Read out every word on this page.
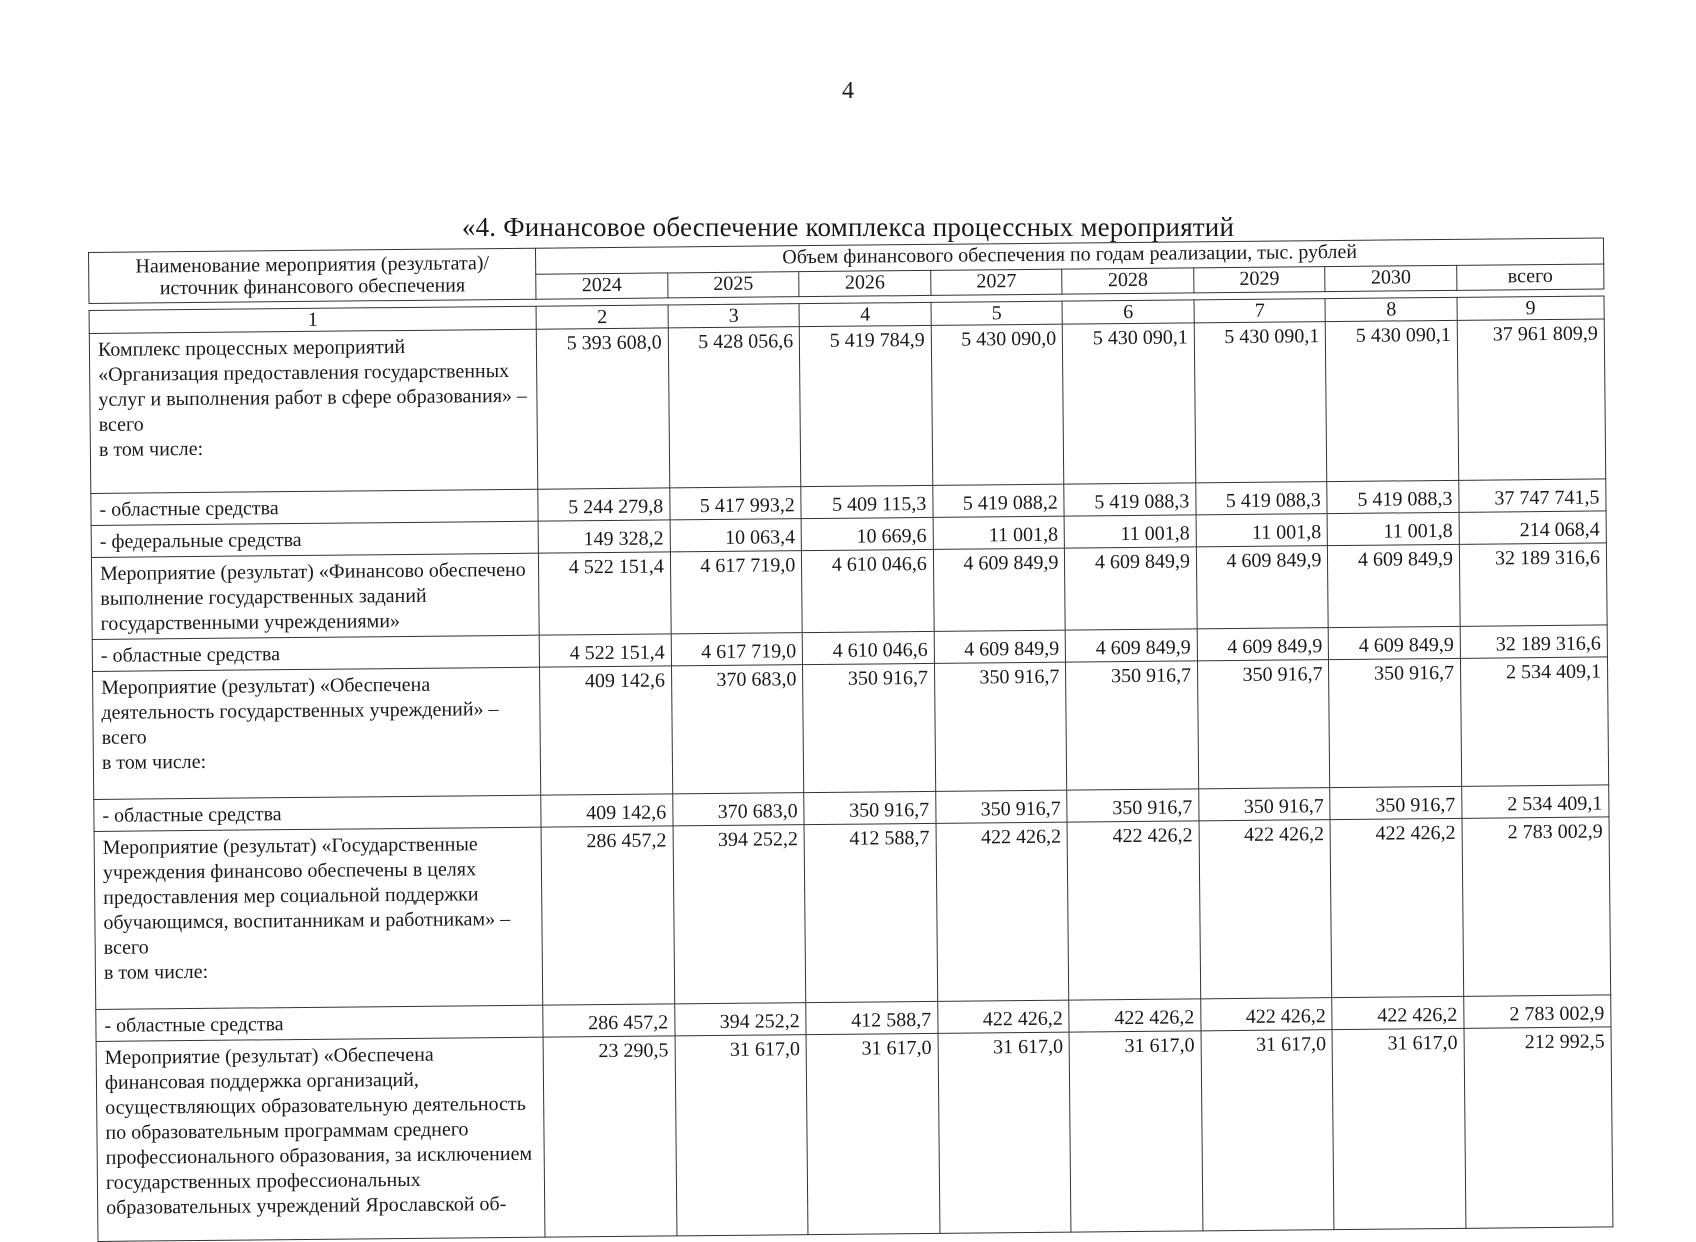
4
«4. Финансовое обеспечение комплекса процессных мероприятий
Наименование мероприятия (результата)/ источник финансового обеспечения	Объем финансового обеспечения по годам реализации, тыс. рублей							
	2024	2025	2026	2027	2028	2029	2030	всего

1	2	3	4	5	6	7	8	9

Комплекс процессных мероприятий «Организация предоставления государственных услуг и выполнения работ в сфере образования» – всего
в том числе:	5 393 608,0	5 428 056,6	5 419 784,9	5 430 090,0	5 430 090,1	5 430 090,1	5 430 090,1	37 961 809,9

- областные средства	5 244 279,8	5 417 993,2	5 409 115,3	5 419 088,2	5 419 088,3	5 419 088,3	5 419 088,3	37 747 741,5

- федеральные средства	149 328,2	10 063,4	10 669,6	11 001,8	11 001,8	11 001,8	11 001,8	214 068,4

Мероприятие (результат) «Финансово обеспечено выполнение государственных заданий государственными учреждениями»	4 522 151,4	4 617 719,0	4 610 046,6	4 609 849,9	4 609 849,9	4 609 849,9	4 609 849,9	32 189 316,6

- областные средства	4 522 151,4	4 617 719,0	4 610 046,6	4 609 849,9	4 609 849,9	4 609 849,9	4 609 849,9	32 189 316,6

Мероприятие (результат) «Обеспечена деятельность государственных учреждений» – всего
в том числе:	409 142,6	370 683,0	350 916,7	350 916,7	350 916,7	350 916,7	350 916,7	2 534 409,1

- областные средства	409 142,6	370 683,0	350 916,7	350 916,7	350 916,7	350 916,7	350 916,7	2 534 409,1

Мероприятие (результат) «Государственные учреждения финансово обеспечены в целях предоставления мер социальной поддержки обучающимся, воспитанникам и работникам» – всего
в том числе:	286 457,2	394 252,2	412 588,7	422 426,2	422 426,2	422 426,2	422 426,2	2 783 002,9

- областные средства	286 457,2	394 252,2	412 588,7	422 426,2	422 426,2	422 426,2	422 426,2	2 783 002,9

Мероприятие (результат) «Обеспечена финансовая поддержка организаций, осуществляющих образовательную деятельность по образовательным программам среднего профессионального образования, за исключением государственных профессиональных образовательных учреждений Ярославской об-	23 290,5	31 617,0	31 617,0	31 617,0	31 617,0	31 617,0	31 617,0	212 992,5
